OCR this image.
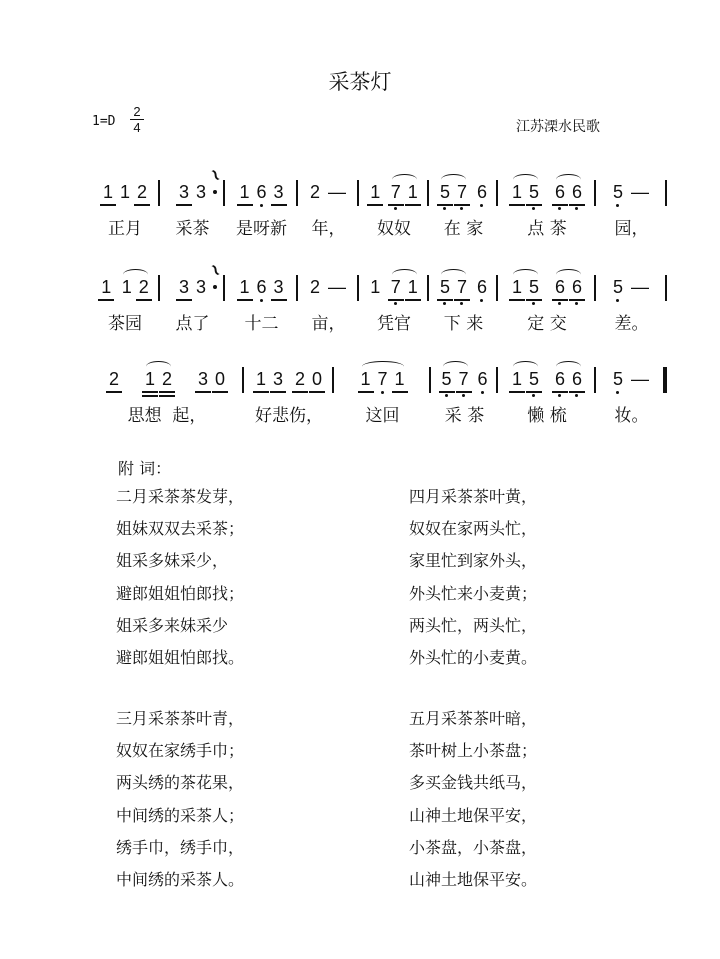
采茶灯
1=D
2
4	江苏溧水民歌
1 1 2
正月
3 3
≀
采茶
1 6 3
是呀新
2 —
年，
1 7 1
奴奴
5 7 6
在 家
1 5 6 6
点 茶
5 —
园，
1 1 2
茶园
3 3
≀
点了
1 6 3
十二
2 —
亩，
1 7 1
凭官
5 7 6
下 来
1 5 6 6
定 交
5 —
差。
2 1 2 3 0
思想  起，
1 3 2 0
好悲伤，
1 7 1
这回
5 7 6
采 茶
1 5 6 6
懒 梳
5 —
妆。
附 词：
二月采茶茶发芽，
姐妹双双去采茶；
姐采多妹采少，
避郎姐姐怕郎找；
姐采多来妹采少
避郎姐姐怕郎找。
四月采茶茶叶黄，
奴奴在家两头忙，
家里忙到家外头，
外头忙来小麦黄；
两头忙，两头忙，
外头忙的小麦黄。
三月采茶茶叶青，
奴奴在家绣手巾；
两头绣的茶花果，
中间绣的采茶人；
绣手巾，绣手巾，
中间绣的采茶人。
五月采茶茶叶暗，
茶叶树上小茶盘；
多买金钱共纸马，
山神土地保平安，
小茶盘，小茶盘，
山神土地保平安。
